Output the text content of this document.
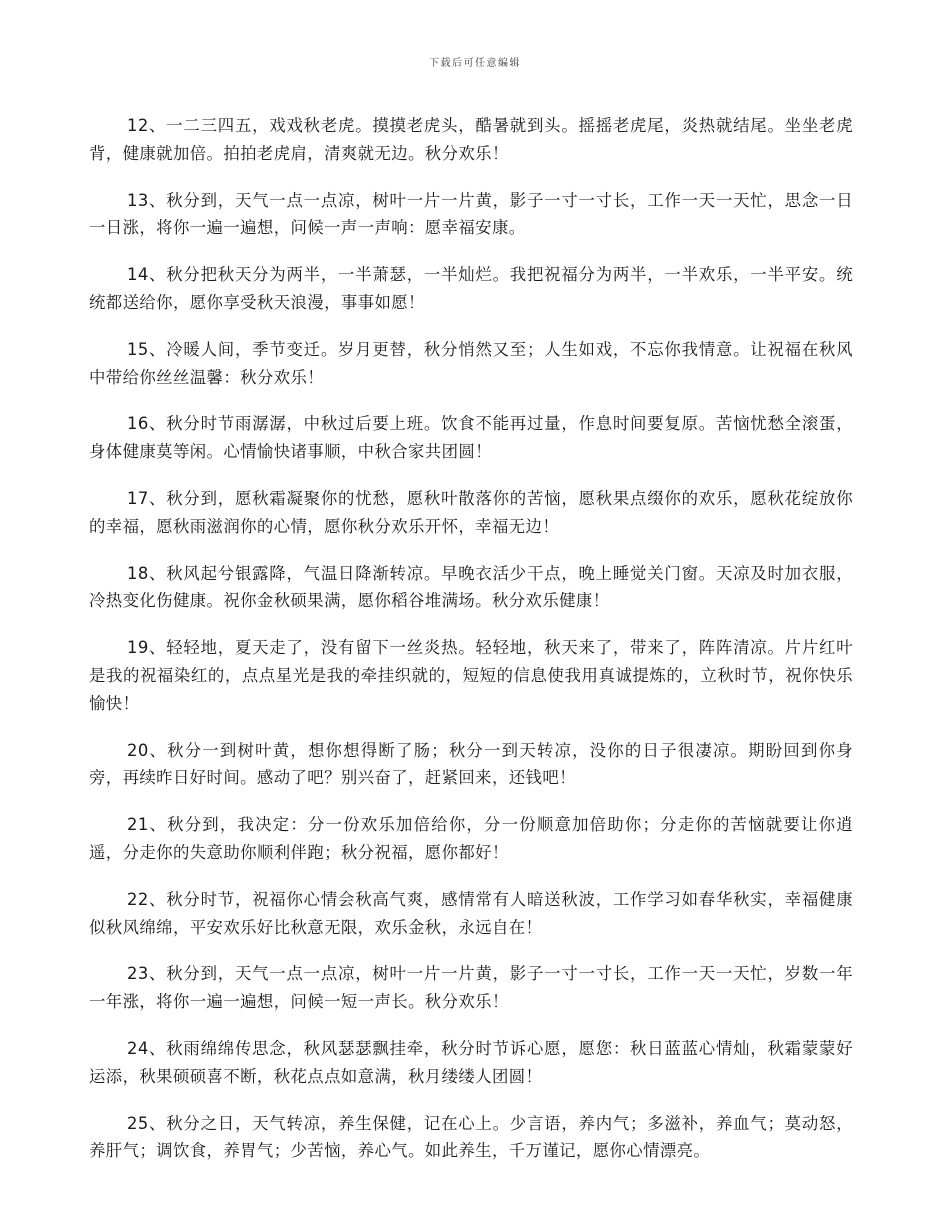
下载后可任意编辑

12、一二三四五，戏戏秋老虎。摸摸老虎头，酷暑就到头。摇摇老虎尾，炎热就结尾。坐坐老虎背，健康就加倍。拍拍老虎肩，清爽就无边。秋分欢乐！

13、秋分到，天气一点一点凉，树叶一片一片黄，影子一寸一寸长，工作一天一天忙，思念一日一日涨，将你一遍一遍想，问候一声一声响：愿幸福安康。

14、秋分把秋天分为两半，一半萧瑟，一半灿烂。我把祝福分为两半，一半欢乐，一半平安。统统都送给你，愿你享受秋天浪漫，事事如愿！

15、冷暖人间，季节变迁。岁月更替，秋分悄然又至；人生如戏，不忘你我情意。让祝福在秋风中带给你丝丝温馨：秋分欢乐！

16、秋分时节雨潺潺，中秋过后要上班。饮食不能再过量，作息时间要复原。苦恼忧愁全滚蛋，身体健康莫等闲。心情愉快诸事顺，中秋合家共团圆！

17、秋分到，愿秋霜凝聚你的忧愁，愿秋叶散落你的苦恼，愿秋果点缀你的欢乐，愿秋花绽放你的幸福，愿秋雨滋润你的心情，愿你秋分欢乐开怀，幸福无边！

18、秋风起兮银露降，气温日降渐转凉。早晚衣活少干点，晚上睡觉关门窗。天凉及时加衣服，冷热变化伤健康。祝你金秋硕果满，愿你稻谷堆满场。秋分欢乐健康！

19、轻轻地，夏天走了，没有留下一丝炎热。轻轻地，秋天来了，带来了，阵阵清凉。片片红叶是我的祝福染红的，点点星光是我的牵挂织就的，短短的信息使我用真诚提炼的，立秋时节，祝你快乐愉快！

20、秋分一到树叶黄，想你想得断了肠；秋分一到天转凉，没你的日子很凄凉。期盼回到你身旁，再续昨日好时间。感动了吧？别兴奋了，赶紧回来，还钱吧！

21、秋分到，我决定：分一份欢乐加倍给你，分一份顺意加倍助你；分走你的苦恼就要让你逍遥，分走你的失意助你顺利伴跑；秋分祝福，愿你都好！

22、秋分时节，祝福你心情会秋高气爽，感情常有人暗送秋波，工作学习如春华秋实，幸福健康似秋风绵绵，平安欢乐好比秋意无限，欢乐金秋，永远自在！

23、秋分到，天气一点一点凉，树叶一片一片黄，影子一寸一寸长，工作一天一天忙，岁数一年一年涨，将你一遍一遍想，问候一短一声长。秋分欢乐！

24、秋雨绵绵传思念，秋风瑟瑟飘挂牵，秋分时节诉心愿，愿您：秋日蓝蓝心情灿，秋霜蒙蒙好运添，秋果硕硕喜不断，秋花点点如意满，秋月缕缕人团圆！

25、秋分之日，天气转凉，养生保健，记在心上。少言语，养内气；多滋补，养血气；莫动怒，养肝气；调饮食，养胃气；少苦恼，养心气。如此养生，千万谨记，愿你心情漂亮。
